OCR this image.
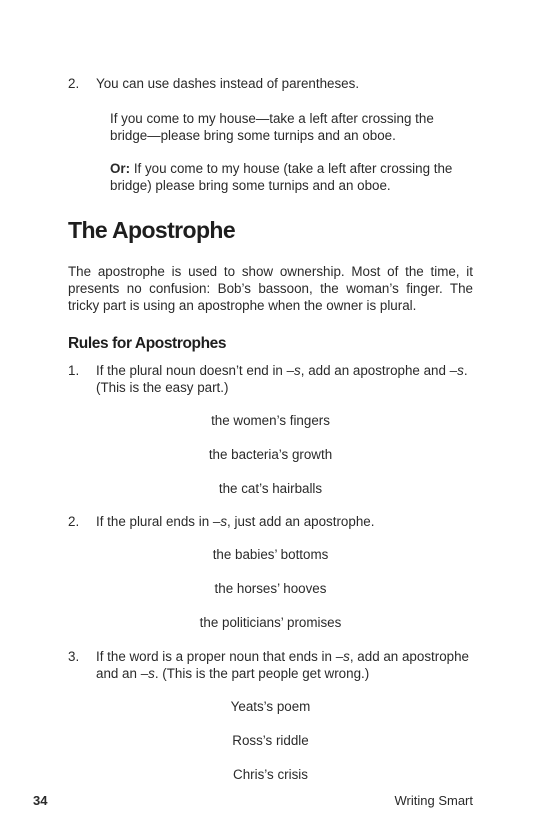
2.	You can use dashes instead of parentheses.
If you come to my house—take a left after crossing the
bridge—please bring some turnips and an oboe.
Or: If you come to my house (take a left after crossing the
bridge) please bring some turnips and an oboe.
The Apostrophe
The apostrophe is used to show ownership. Most of the time, it presents no confusion: Bob’s bassoon, the woman’s finger. The tricky part is using an apostrophe when the owner is plural.
Rules for Apostrophes
1.	If the plural noun doesn’t end in –s, add an apostrophe and –s.
(This is the easy part.)
the women’s fingers
the bacteria’s growth
the cat’s hairballs
2.	If the plural ends in –s, just add an apostrophe.
the babies’ bottoms
the horses’ hooves
the politicians’ promises
3.	If the word is a proper noun that ends in –s, add an apostrophe
and an –s. (This is the part people get wrong.)
Yeats’s poem
Ross’s riddle
Chris’s crisis
34	Writing Smart
